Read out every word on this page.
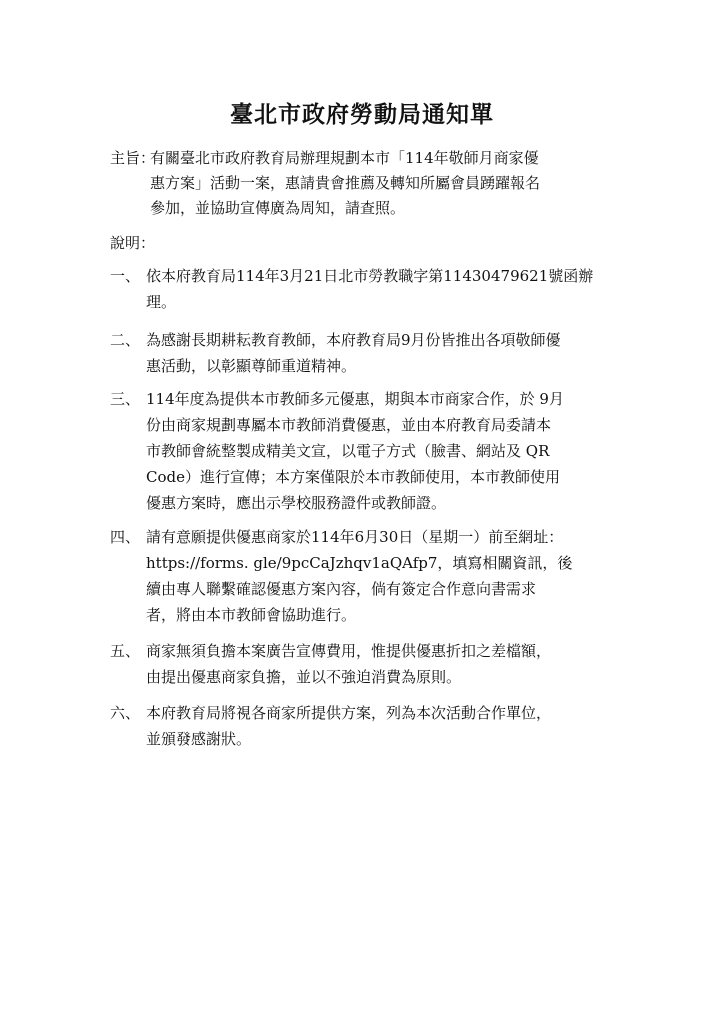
臺北市政府勞動局通知單
主旨：
有關臺北市政府教育局辦理規劃本市「114年敬師月商家優
惠方案」活動一案，惠請貴會推薦及轉知所屬會員踴躍報名
參加，並協助宣傳廣為周知，請查照。
說明：
一、 依本府教育局114年3月21日北市勞教職字第11430479621號函辦
理。
二、 為感謝長期耕耘教育教師，本府教育局9月份皆推出各項敬師優
惠活動，以彰顯尊師重道精神。
三、 114年度為提供本市教師多元優惠，期與本市商家合作，於 9月
份由商家規劃專屬本市教師消費優惠，並由本府教育局委請本
市教師會統整製成精美文宣，以電子方式（臉書、網站及 QR
Code）進行宣傳；本方案僅限於本市教師使用，本市教師使用
優惠方案時，應出示學校服務證件或教師證。
四、 請有意願提供優惠商家於114年6月30日（星期一）前至網址：
https://forms. gle/9pcCaJzhqv1aQAfp7，填寫相關資訊，後
續由專人聯繫確認優惠方案內容，倘有簽定合作意向書需求
者，將由本市教師會協助進行。
五、 商家無須負擔本案廣告宣傳費用，惟提供優惠折扣之差檔額，
由提出優惠商家負擔，並以不強迫消費為原則。
六、 本府教育局將視各商家所提供方案，列為本次活動合作單位，
並頒發感謝狀。
